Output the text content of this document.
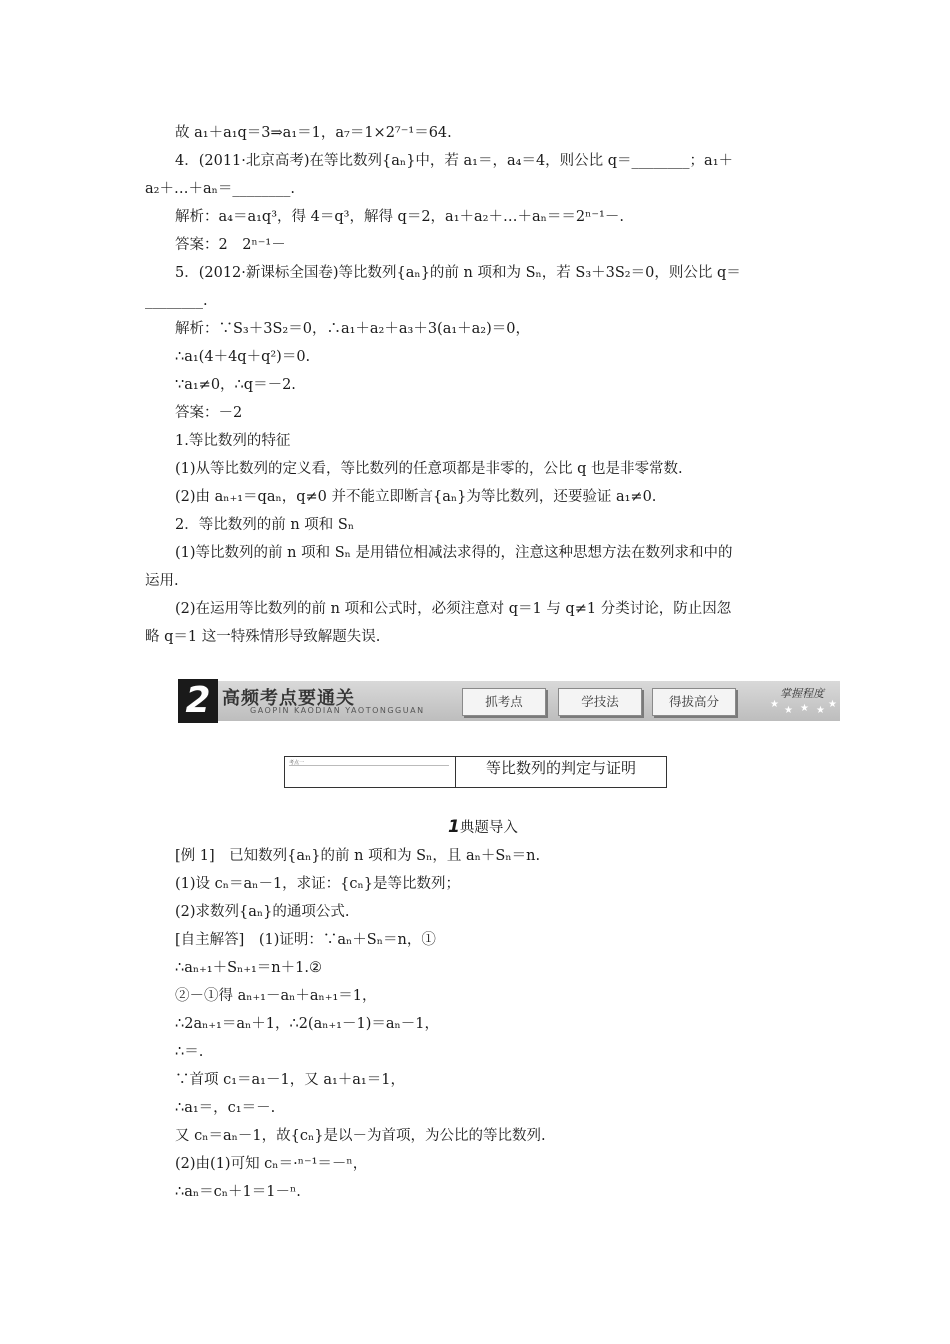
故 a₁＋a₁q＝3⇒a₁＝1，a₇＝1×2⁷⁻¹＝64.
4．(2011·北京高考)在等比数列{aₙ}中，若 a₁＝，a₄＝4，则公比 q＝________；a₁＋
a₂＋…＋aₙ＝________.
解析：a₄＝a₁q³，得 4＝q³，解得 q＝2，a₁＋a₂＋…＋aₙ＝＝2ⁿ⁻¹－.
答案：2　2ⁿ⁻¹－
5．(2012·新课标全国卷)等比数列{aₙ}的前 n 项和为 Sₙ，若 S₃＋3S₂＝0，则公比 q＝
________.
解析：∵S₃＋3S₂＝0，∴a₁＋a₂＋a₃＋3(a₁＋a₂)＝0，
∴a₁(4＋4q＋q²)＝0.
∵a₁≠0，∴q＝－2.
答案：－2
1.等比数列的特征
(1)从等比数列的定义看，等比数列的任意项都是非零的，公比 q 也是非零常数.
(2)由 aₙ₊₁＝qaₙ，q≠0 并不能立即断言{aₙ}为等比数列，还要验证 a₁≠0.
2．等比数列的前 n 项和 Sₙ
(1)等比数列的前 n 项和 Sₙ 是用错位相减法求得的，注意这种思想方法在数列求和中的
运用.
(2)在运用等比数列的前 n 项和公式时，必须注意对 q＝1 与 q≠1 分类讨论，防止因忽
略 q＝1 这一特殊情形导致解题失误.
2 高频考点要通关
GAOPIN KAODIAN YAOTONGGUAN
抓考点	学技法	得拔高分
掌握程度
★
★ ★ ★
★
考点一	等比数列的判定与证明
1典题导入
[例 1]　已知数列{aₙ}的前 n 项和为 Sₙ，且 aₙ＋Sₙ＝n.
(1)设 cₙ＝aₙ－1，求证：{cₙ}是等比数列；
(2)求数列{aₙ}的通项公式.
[自主解答]　(1)证明：∵aₙ＋Sₙ＝n，①
∴aₙ₊₁＋Sₙ₊₁＝n＋1.②
②－①得 aₙ₊₁－aₙ＋aₙ₊₁＝1，
∴2aₙ₊₁＝aₙ＋1，∴2(aₙ₊₁－1)＝aₙ－1，
∴＝.
∵首项 c₁＝a₁－1，又 a₁＋a₁＝1，
∴a₁＝，c₁＝－.
又 cₙ＝aₙ－1，故{cₙ}是以－为首项，为公比的等比数列.
(2)由(1)可知 cₙ＝·ⁿ⁻¹＝－ⁿ，
∴aₙ＝cₙ＋1＝1－ⁿ.
